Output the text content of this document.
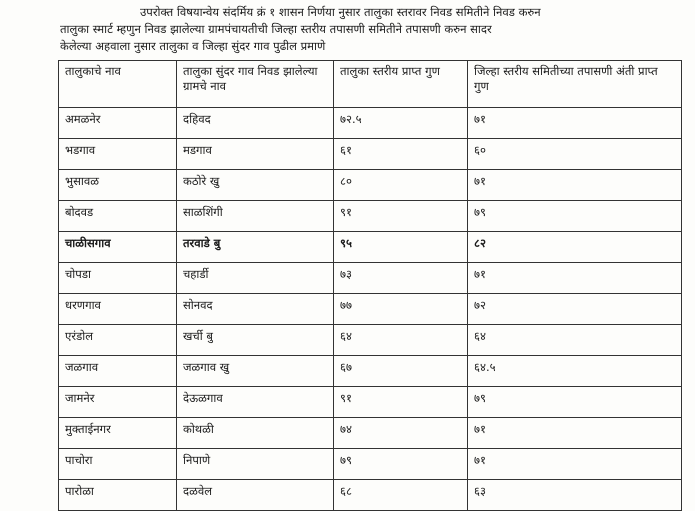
उपरोक्त विषयान्वेय संदर्मिय क्रं १ शासन निर्णया नुसार तालुका स्तरावर निवड समितीने निवड करुन

तालुका स्मार्ट म्हणुन निवड झालेल्या ग्रामपंचायतीची जिल्हा स्तरीय तपासणी समितीने तपासणी करुन सादर

केलेल्या अहवाला नुसार तालुका व जिल्हा सुंदर गाव पुढील प्रमाणे

तालुकाचे नाव	तालुका सुंदर गाव निवड झालेल्या ग्रामचे नाव	तालुका स्तरीय प्राप्त गुण	जिल्हा स्तरीय समितीच्या तपासणी अंती प्राप्त गुण
अमळनेर	दहिवद	७२.५	७१
भडगाव	मडगाव	६१	६०
भुसावळ	कठोरे खु	८०	७१
बोदवड	साळशिंगी	९१	७९
चाळीसगाव	तरवाडे बु	९५	८२
चोपडा	चहार्डी	७३	७१
धरणगाव	सोनवद	७७	७२
एरंडोल	खर्ची बु	६४	६४
जळगाव	जळगाव खु	६७	६४.५
जामनेर	देऊळगाव	९१	७९
मुक्ताईनगर	कोथळी	७४	७१
पाचोरा	निपाणे	७९	७१
पारोळा	दळवेल	६८	६३
